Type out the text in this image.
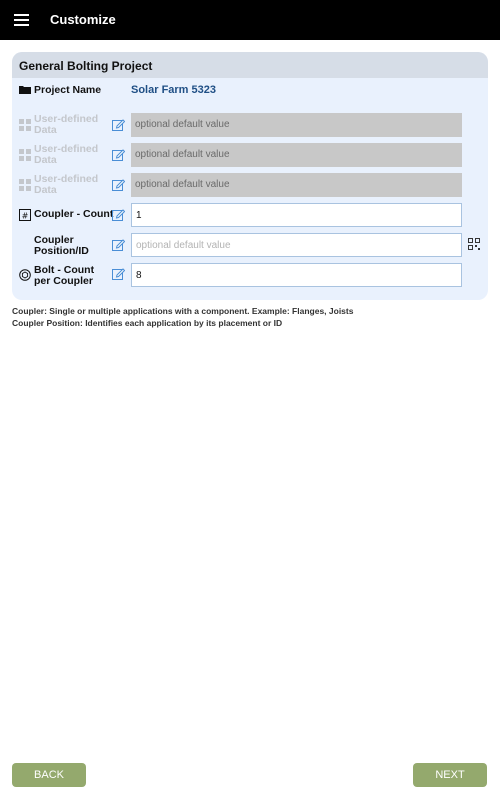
Customize
General Bolting Project
Project Name	Solar Farm 5323
User-defined Data	optional default value
User-defined Data	optional default value
User-defined Data	optional default value
# Coupler - Count	1
Coupler Position/ID	optional default value
Bolt - Count per Coupler	8
Coupler: Single or multiple applications with a component. Example: Flanges, Joists
Coupler Position: Identifies each application by its placement or ID
BACK	NEXT
